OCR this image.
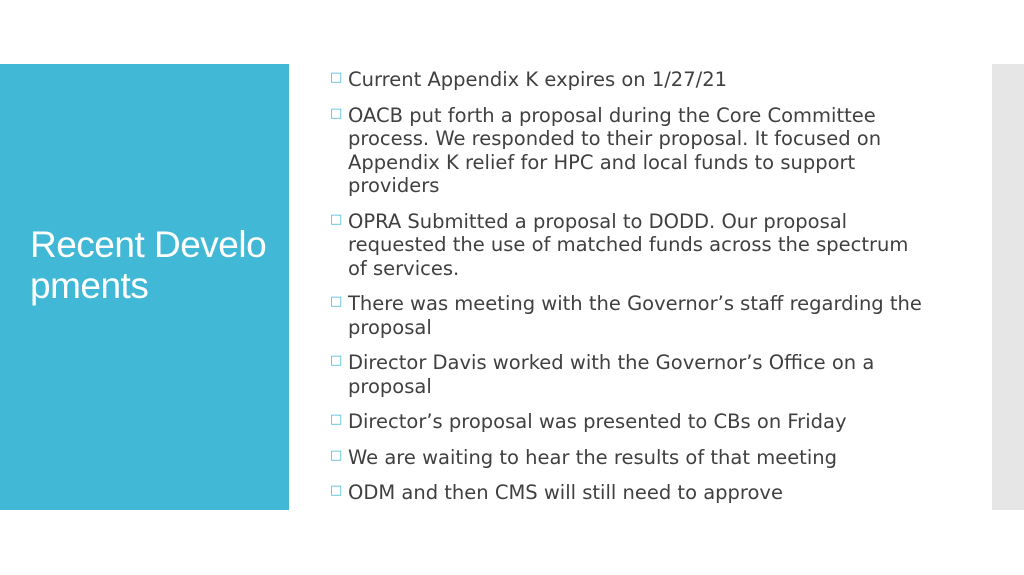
Recent Developments
□ Current Appendix K expires on 1/27/21
□ OACB put forth a proposal during the Core Committee process. We responded to their proposal. It focused on Appendix K relief for HPC and local funds to support providers
□ OPRA Submitted a proposal to DODD. Our proposal requested the use of matched funds across the spectrum of services.
□ There was meeting with the Governor’s staff regarding the proposal
□ Director Davis worked with the Governor’s Office on a proposal
□ Director’s proposal was presented to CBs on Friday
□ We are waiting to hear the results of that meeting
□ ODM and then CMS will still need to approve
